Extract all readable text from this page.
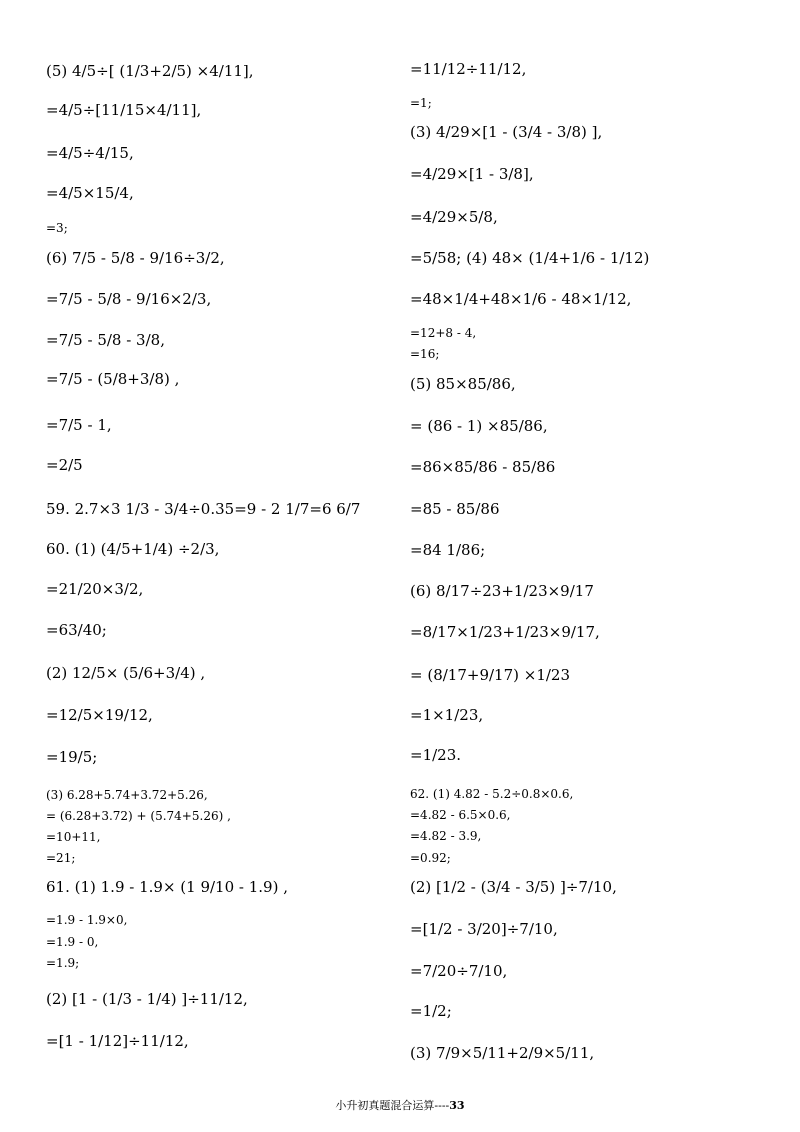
(5) 4/5÷[ (1/3+2/5) ×4/11],
=4/5÷[11/15×4/11],
=4/5÷4/15,
=4/5×15/4,
=3;
(6) 7/5 - 5/8 - 9/16÷3/2,
=7/5 - 5/8 - 9/16×2/3,
=7/5 - 5/8 - 3/8,
=7/5 - (5/8+3/8) ,
=7/5 - 1,
=2/5
59. 2.7×3 1/3 - 3/4÷0.35=9 - 2 1/7=6 6/7
60. (1) (4/5+1/4) ÷2/3,
=21/20×3/2,
=63/40;
(2) 12/5× (5/6+3/4) ,
=12/5×19/12,
=19/5;
(3) 6.28+5.74+3.72+5.26,
= (6.28+3.72) + (5.74+5.26) ,
=10+11,
=21;
61. (1) 1.9 - 1.9× (1 9/10 - 1.9) ,
=1.9 - 1.9×0,
=1.9 - 0,
=1.9;
(2) [1 - (1/3 - 1/4) ]÷11/12,
=[1 - 1/12]÷11/12,
=11/12÷11/12,
=1;
(3) 4/29×[1 - (3/4 - 3/8) ],
=4/29×[1 - 3/8],
=4/29×5/8,
=5/58; (4) 48× (1/4+1/6 - 1/12)
=48×1/4+48×1/6 - 48×1/12,
=12+8 - 4,
=16;
(5) 85×85/86,
= (86 - 1) ×85/86,
=86×85/86 - 85/86
=85 - 85/86
=84 1/86;
(6) 8/17÷23+1/23×9/17
=8/17×1/23+1/23×9/17,
= (8/17+9/17) ×1/23
=1×1/23,
=1/23.
62. (1) 4.82 - 5.2÷0.8×0.6,
=4.82 - 6.5×0.6,
=4.82 - 3.9,
=0.92;
(2) [1/2 - (3/4 - 3/5) ]÷7/10,
=[1/2 - 3/20]÷7/10,
=7/20÷7/10,
=1/2;
(3) 7/9×5/11+2/9×5/11,
小升初真题混合运算----33
